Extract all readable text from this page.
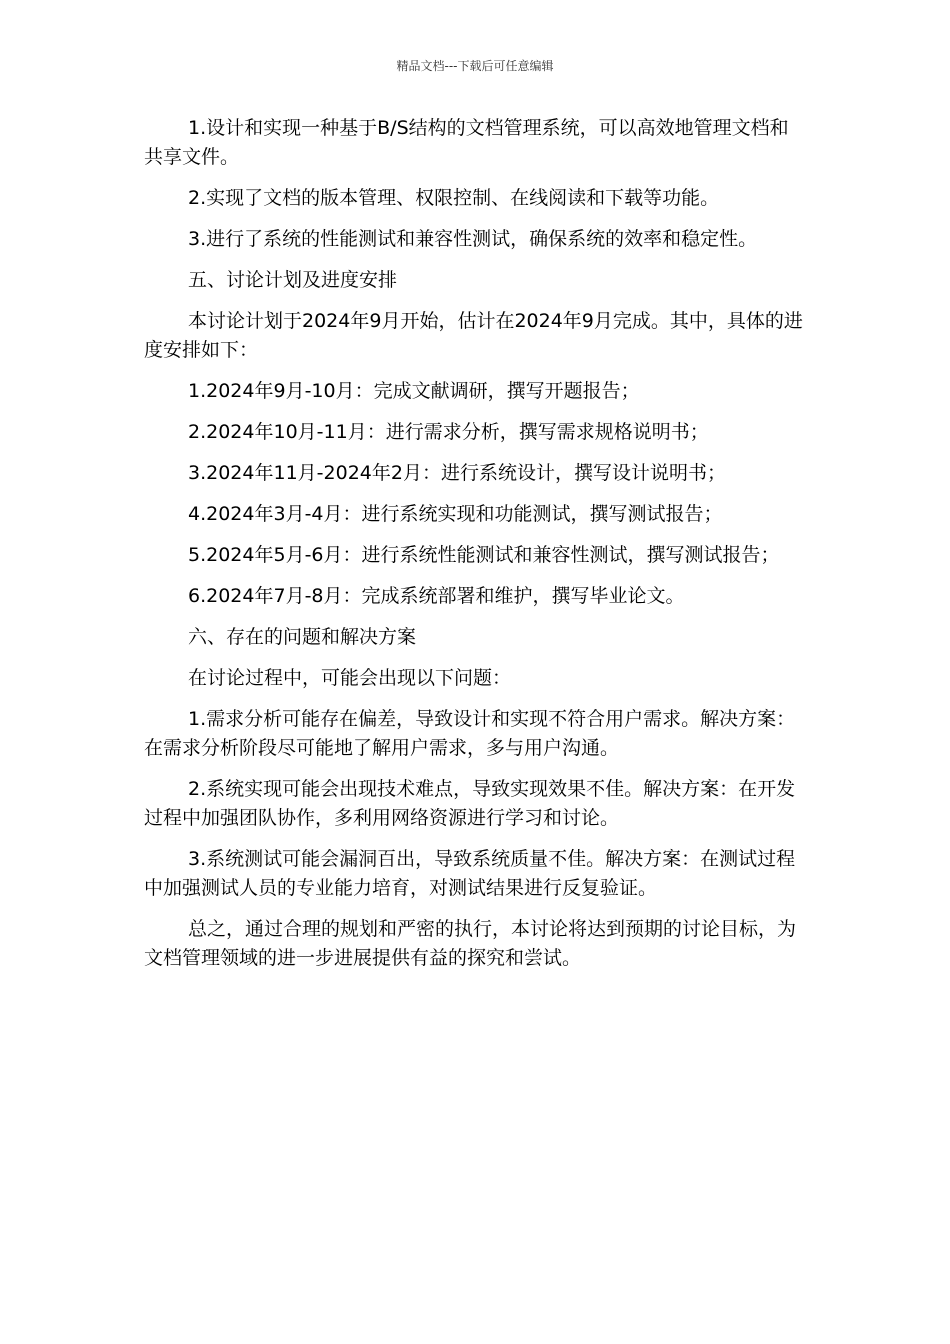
精品文档---下载后可任意编辑

1.设计和实现一种基于B/S结构的文档管理系统，可以高效地管理文档和共享文件。

2.实现了文档的版本管理、权限控制、在线阅读和下载等功能。

3.进行了系统的性能测试和兼容性测试，确保系统的效率和稳定性。

五、讨论计划及进度安排

本讨论计划于2024年9月开始，估计在2024年9月完成。其中，具体的进度安排如下：

1.2024年9月-10月：完成文献调研，撰写开题报告；

2.2024年10月-11月：进行需求分析，撰写需求规格说明书；

3.2024年11月-2024年2月：进行系统设计，撰写设计说明书；

4.2024年3月-4月：进行系统实现和功能测试，撰写测试报告；

5.2024年5月-6月：进行系统性能测试和兼容性测试，撰写测试报告；

6.2024年7月-8月：完成系统部署和维护，撰写毕业论文。

六、存在的问题和解决方案

在讨论过程中，可能会出现以下问题：

1.需求分析可能存在偏差，导致设计和实现不符合用户需求。解决方案：在需求分析阶段尽可能地了解用户需求，多与用户沟通。

2.系统实现可能会出现技术难点，导致实现效果不佳。解决方案：在开发过程中加强团队协作，多利用网络资源进行学习和讨论。

3.系统测试可能会漏洞百出，导致系统质量不佳。解决方案：在测试过程中加强测试人员的专业能力培育，对测试结果进行反复验证。

总之，通过合理的规划和严密的执行，本讨论将达到预期的讨论目标，为文档管理领域的进一步进展提供有益的探究和尝试。
